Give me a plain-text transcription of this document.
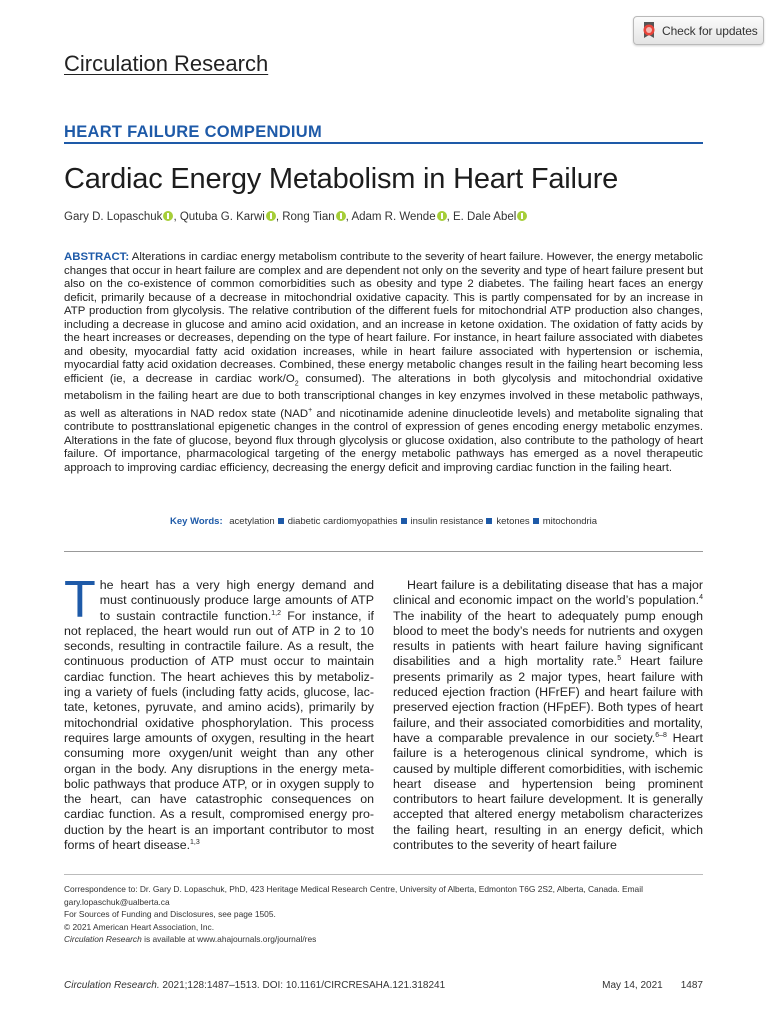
Check for updates
Circulation Research
HEART FAILURE COMPENDIUM
Cardiac Energy Metabolism in Heart Failure
Gary D. Lopaschuk , Qutuba G. Karwi , Rong Tian , Adam R. Wende , E. Dale Abel
ABSTRACT: Alterations in cardiac energy metabolism contribute to the severity of heart failure. However, the energy metabolic changes that occur in heart failure are complex and are dependent not only on the severity and type of heart failure present but also on the co-existence of common comorbidities such as obesity and type 2 diabetes. The failing heart faces an energy deficit, primarily because of a decrease in mitochondrial oxidative capacity. This is partly compensated for by an increase in ATP production from glycolysis. The relative contribution of the different fuels for mitochondrial ATP production also changes, including a decrease in glucose and amino acid oxidation, and an increase in ketone oxidation. The oxidation of fatty acids by the heart increases or decreases, depending on the type of heart failure. For instance, in heart failure associated with diabetes and obesity, myocardial fatty acid oxidation increases, while in heart failure associated with hypertension or ischemia, myocardial fatty acid oxidation decreases. Combined, these energy metabolic changes result in the failing heart becoming less efficient (ie, a decrease in cardiac work/$O_2$ consumed). The alterations in both glycolysis and mitochondrial oxidative metabolism in the failing heart are due to both transcriptional changes in key enzymes involved in these metabolic pathways, as well as alterations in NAD redox state (NAD+ and nicotinamide adenine dinucleotide levels) and metabolite signaling that contribute to posttranslational epigenetic changes in the control of expression of genes encoding energy metabolic enzymes. Alterations in the fate of glucose, beyond flux through glycolysis or glucose oxidation, also contribute to the pathology of heart failure. Of importance, pharmacological targeting of the energy metabolic pathways has emerged as a novel therapeutic approach to improving cardiac efficiency, decreasing the energy deficit and improving cardiac function in the failing heart.
Key Words: acetylation diabetic cardiomyopathies insulin resistance ketones mitochondria
The heart has a very high energy demand and must continuously produce large amounts of ATP to sustain contractile function.$^{1,2}$ For instance, if not replaced, the heart would run out of ATP in 2 to 10 seconds, resulting in contractile failure. As a result, the continuous production of ATP must occur to maintain cardiac function. The heart achieves this by metabolizing a variety of fuels (including fatty acids, glucose, lactate, ketones, pyruvate, and amino acids), primarily by mitochondrial oxidative phosphorylation. This process requires large amounts of oxygen, resulting in the heart consuming more oxygen/unit weight than any other organ in the body. Any disruptions in the energy metabolic pathways that produce ATP, or in oxygen supply to the heart, can have catastrophic consequences on cardiac function. As a result, compromised energy production by the heart is an important contributor to most forms of heart disease.$^{1,3}$
Heart failure is a debilitating disease that has a major clinical and economic impact on the world’s population.$^4$ The inability of the heart to adequately pump enough blood to meet the body’s needs for nutrients and oxygen results in patients with heart failure having significant disabilities and a high mortality rate.$^5$ Heart failure presents primarily as 2 major types, heart failure with reduced ejection fraction (HFrEF) and heart failure with preserved ejection fraction (HFpEF). Both types of heart failure, and their associated comorbidities and mortality, have a comparable prevalence in our society.$^{6-8}$ Heart failure is a heterogenous clinical syndrome, which is caused by multiple different comorbidities, with ischemic heart disease and hypertension being prominent contributors to heart failure development. It is generally accepted that altered energy metabolism characterizes the failing heart, resulting in an energy deficit, which contributes to the severity of heart failure
Correspondence to: Dr. Gary D. Lopaschuk, PhD, 423 Heritage Medical Research Centre, University of Alberta, Edmonton T6G 2S2, Alberta, Canada. Email gary.lopaschuk@ualberta.ca
For Sources of Funding and Disclosures, see page 1505.
© 2021 American Heart Association, Inc.
Circulation Research is available at www.ahajournals.org/journal/res
Circulation Research. 2021;128:1487–1513. DOI: 10.1161/CIRCRESAHA.121.318241	May 14, 2021 1487
